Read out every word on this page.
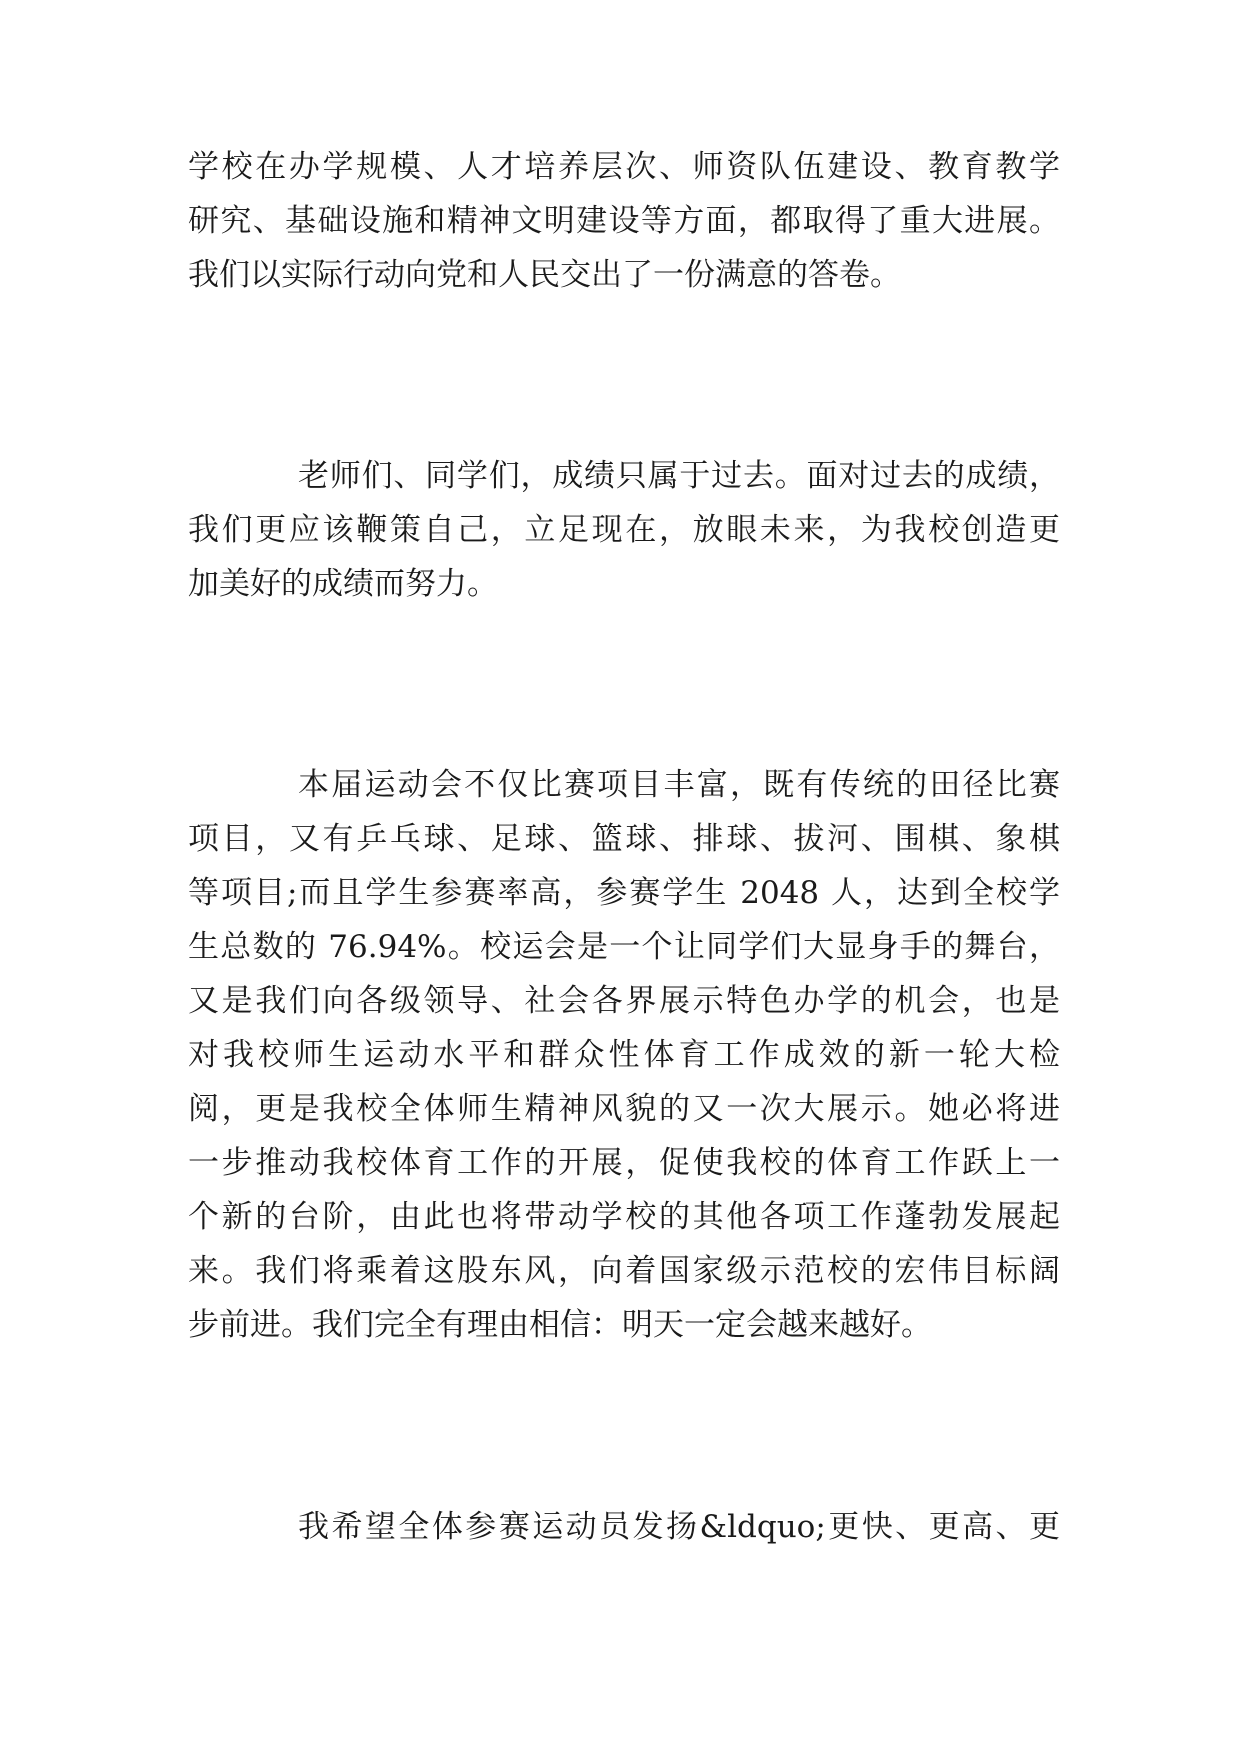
学校在办学规模、人才培养层次、师资队伍建设、教育教学
研究、基础设施和精神文明建设等方面，都取得了重大进展。
我们以实际行动向党和人民交出了一份满意的答卷。
老师们、同学们，成绩只属于过去。面对过去的成绩，
我们更应该鞭策自己，立足现在，放眼未来，为我校创造更
加美好的成绩而努力。
本届运动会不仅比赛项目丰富，既有传统的田径比赛
项目，又有乒乓球、足球、篮球、排球、拔河、围棋、象棋
等项目;而且学生参赛率高，参赛学生 2048 人，达到全校学
生总数的 76.94%。校运会是一个让同学们大显身手的舞台，
又是我们向各级领导、社会各界展示特色办学的机会，也是
对我校师生运动水平和群众性体育工作成效的新一轮大检
阅，更是我校全体师生精神风貌的又一次大展示。她必将进
一步推动我校体育工作的开展，促使我校的体育工作跃上一
个新的台阶，由此也将带动学校的其他各项工作蓬勃发展起
来。我们将乘着这股东风，向着国家级示范校的宏伟目标阔
步前进。我们完全有理由相信：明天一定会越来越好。
我希望全体参赛运动员发扬&ldquo;更快、更高、更
